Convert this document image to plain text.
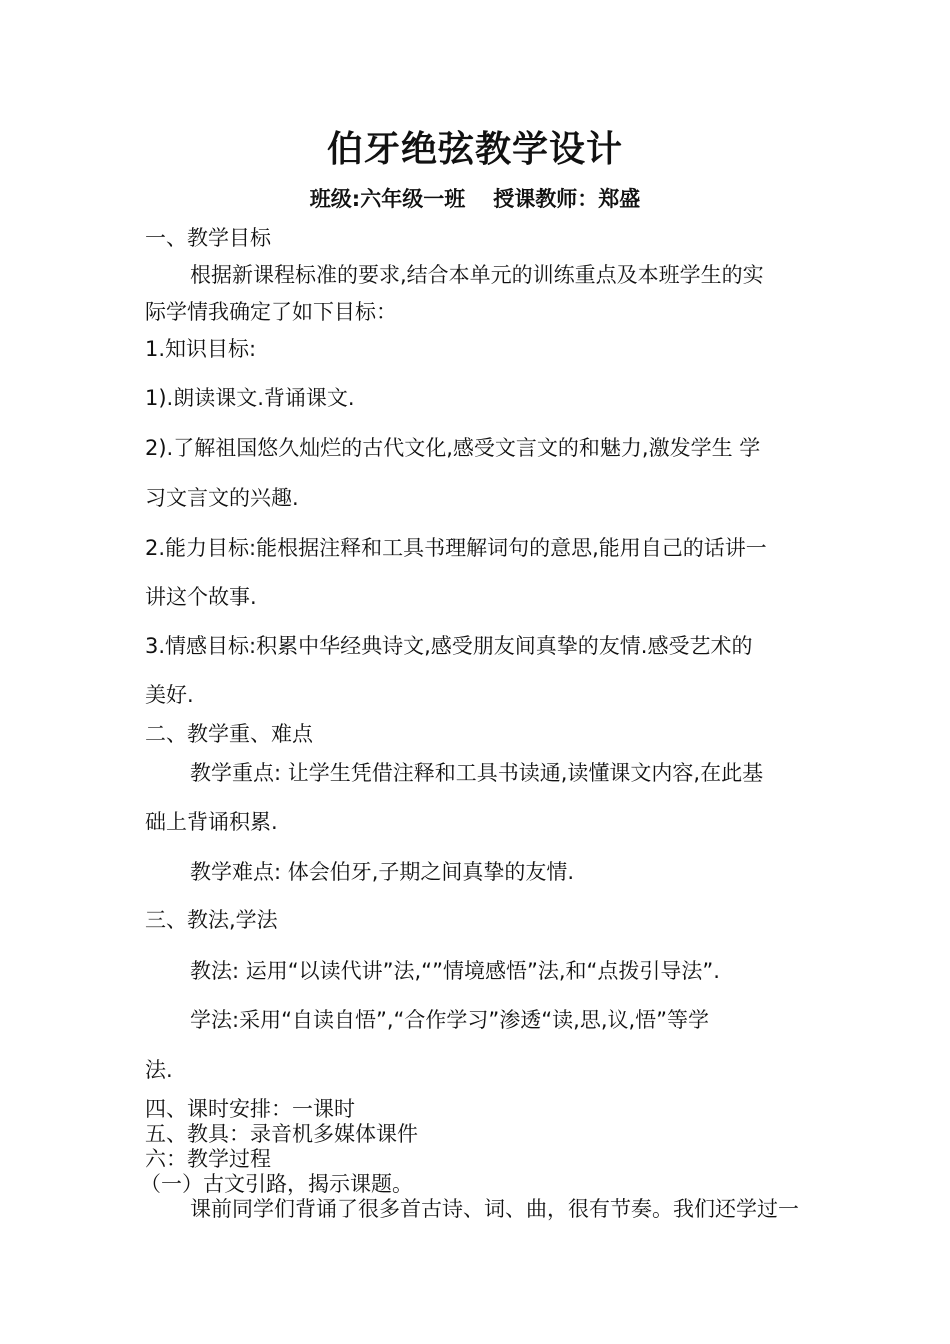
伯牙绝弦教学设计
班级:六年级一班 授课教师：郑盛
一、教学目标
根据新课程标准的要求,结合本单元的训练重点及本班学生的实
际学情我确定了如下目标：
1.知识目标:
1).朗读课文.背诵课文.
2).了解祖国悠久灿烂的古代文化,感受文言文的和魅力,激发学生 学
习文言文的兴趣.
2.能力目标:能根据注释和工具书理解词句的意思,能用自己的话讲一
讲这个故事.
3.情感目标:积累中华经典诗文,感受朋友间真挚的友情.感受艺术的
美好.
二、教学重、难点
教学重点: 让学生凭借注释和工具书读通,读懂课文内容,在此基
础上背诵积累.
教学难点: 体会伯牙,子期之间真挚的友情.
三、教法,学法
教法: 运用“以读代讲”法,“”情境感悟”法,和“点拨引导法”.
学法:采用“自读自悟”,“合作学习”渗透“读,思,议,悟”等学
法.
四、课时安排：一课时
五、教具：录音机多媒体课件
六：教学过程
（一）古文引路，揭示课题。
课前同学们背诵了很多首古诗、词、曲，很有节奏。我们还学过一
